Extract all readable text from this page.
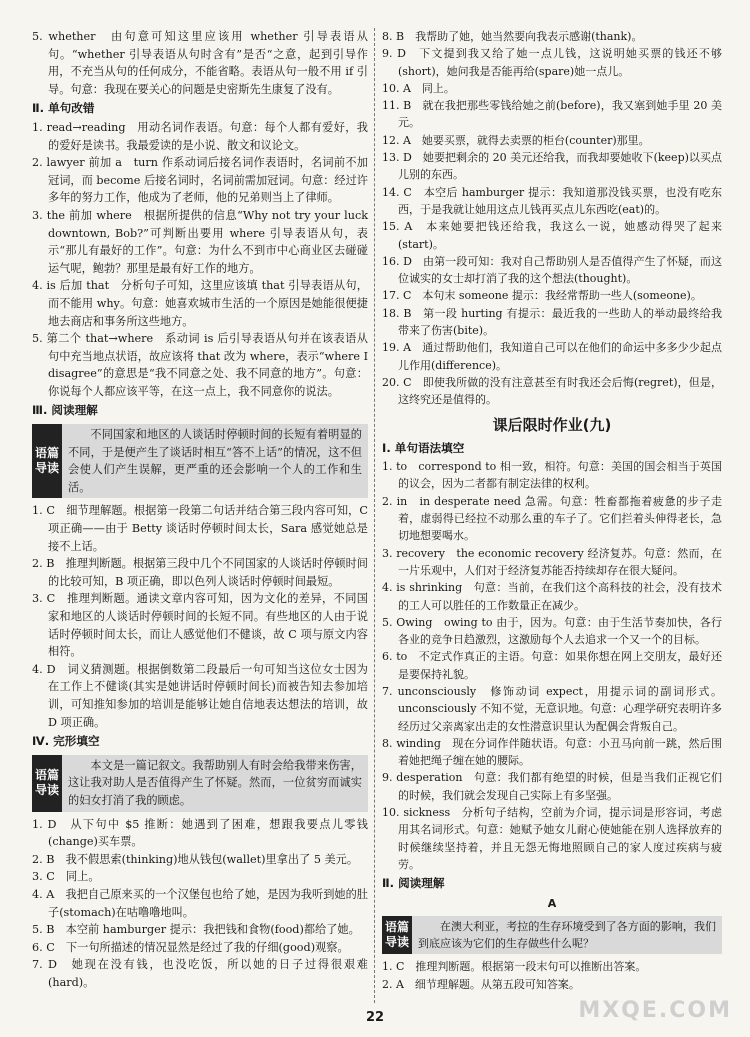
5. whether　由句意可知这里应该用 whether 引导表语从句。“whether 引导表语从句时含有”是否“之意，起到引导作用，不充当从句的任何成分，不能省略。表语从句一般不用 if 引导。句意：我现在要关心的问题是史密斯先生康复了没有。

Ⅱ. 单句改错

1. read→reading　用动名词作表语。句意：每个人都有爱好，我的爱好是读书。我最爱读的是小说、散文和议论文。

2. lawyer 前加 a　turn 作系动词后接名词作表语时，名词前不加冠词，而 become 后接名词时，名词前需加冠词。句意：经过许多年的努力工作，他成为了老师，他的兄弟则当上了律师。

3. the 前加 where　根据所提供的信息“Why not try your luck downtown, Bob?”可判断出要用 where 引导表语从句，表示“那儿有最好的工作”。句意：为什么不到市中心商业区去碰碰运气呢，鲍勃？那里是最有好工作的地方。

4. is 后加 that　分析句子可知，这里应该填 that 引导表语从句，而不能用 why。句意：她喜欢城市生活的一个原因是她能很便捷地去商店和事务所这些地方。

5. 第二个 that→where　系动词 is 后引导表语从句并在该表语从句中充当地点状语，故应该将 that 改为 where，表示“where I disagree”的意思是“我不同意之处、我不同意的地方”。句意：你说每个人都应该平等，在这一点上，我不同意你的说法。

Ⅲ. 阅读理解
语篇导读
不同国家和地区的人谈话时停顿时间的长短有着明显的不同，于是便产生了谈话时相互“答不上话”的情况，这不但会使人们产生误解，更严重的还会影响一个人的工作和生活。

1. C　细节理解题。根据第一段第二句话并结合第三段内容可知，C 项正确——由于 Betty 谈话时停顿时间太长，Sara 感觉她总是接不上话。

2. B　推理判断题。根据第三段中几个不同国家的人谈话时停顿时间的比较可知，B 项正确，即以色列人谈话时停顿时间最短。

3. C　推理判断题。通读文章内容可知，因为文化的差异，不同国家和地区的人谈话时停顿时间的长短不同。有些地区的人由于说话时停顿时间太长，而让人感觉他们不健谈，故 C 项与原文内容相符。

4. D　词义猜测题。根据倒数第二段最后一句可知当这位女士因为在工作上不健谈(其实是她讲话时停顿时间长)而被告知去参加培训，可知推知参加的培训是能够让她自信地表达想法的培训，故 D 项正确。

Ⅳ. 完形填空
语篇导读
本文是一篇记叙文。我帮助别人有时会给我带来伤害，这让我对助人是否值得产生了怀疑。然而，一位贫穷而诚实的妇女打消了我的顾虑。

1. D　从下句中 $5 推断：她遇到了困难，想跟我要点儿零钱(change)买车票。

2. B　我不假思索(thinking)地从钱包(wallet)里拿出了 5 美元。

3. C　同上。

4. A　我把自己原来买的一个汉堡包也给了她，是因为我听到她的肚子(stomach)在咕噜噜地叫。

5. B　本空前 hamburger 提示：我把钱和食物(food)都给了她。

6. C　下一句所描述的情况显然是经过了我的仔细(good)观察。

7. D　她现在没有钱，也没吃饭，所以她的日子过得很艰难(hard)。

8. B　我帮助了她，她当然要向我表示感谢(thank)。

9. D　下文提到我又给了她一点儿钱，这说明她买票的钱还不够(short)，她问我是否能再给(spare)她一点儿。

10. A　同上。

11. B　就在我把那些零钱给她之前(before)，我又塞到她手里 20 美元。

12. A　她要买票，就得去卖票的柜台(counter)那里。

13. D　她要把剩余的 20 美元还给我，而我却要她收下(keep)以买点儿别的东西。

14. C　本空后 hamburger 提示：我知道那没钱买票，也没有吃东西，于是我就让她用这点儿钱再买点儿东西吃(eat)的。

15. A　本来她要把钱还给我，我这么一说，她感动得哭了起来(start)。

16. D　由第一段可知：我对自己帮助别人是否值得产生了怀疑，而这位诚实的女士却打消了我的这个想法(thought)。

17. C　本句末 someone 提示：我经常帮助一些人(someone)。

18. B　第一段 hurting 有提示：最近我的一些助人的举动最终给我带来了伤害(bite)。

19. A　通过帮助他们，我知道自己可以在他们的命运中多多少少起点儿作用(difference)。

20. C　即使我所做的没有注意甚至有时我还会后悔(regret)，但是，这终究还是值得的。

课后限时作业(九)
Ⅰ. 单句语法填空

1. to　correspond to 相一致，相符。句意：美国的国会相当于英国的议会，因为二者都有制定法律的权利。

2. in　in desperate need 急需。句意：牲畜都拖着疲惫的步子走着，虚弱得已经拉不动那么重的车子了。它们拦着头伸得老长，急切地想要喝水。

3. recovery　the economic recovery 经济复苏。句意：然而，在一片乐观中，人们对于经济复苏能否持续却存在很大疑问。

4. is shrinking　句意：当前，在我们这个高科技的社会，没有技术的工人可以胜任的工作数量正在减少。

5. Owing　owing to 由于，因为。句意：由于生活节奏加快，各行各业的竞争日趋激烈，这激励每个人去追求一个又一个的目标。

6. to　不定式作真正的主语。句意：如果你想在网上交朋友，最好还是要保持礼貌。

7. unconsciously　修饰动词 expect，用提示词的副词形式。unconsciously 不知不觉，无意识地。句意：心理学研究表明许多经历过父亲离家出走的女性潜意识里认为配偶会背叛自己。

8. winding　现在分词作伴随状语。句意：小丑马向前一跳，然后围着她把绳子缠在她的腰际。

9. desperation　句意：我们都有绝望的时候，但是当我们正视它们的时候，我们就会发现自己实际上有多坚强。

10. sickness　分析句子结构，空前为介词，提示词是形容词，考虑用其名词形式。句意：她赋予她女儿耐心使她能在别人选择放弃的时候继续坚持着，并且无怨无悔地照顾自己的家人度过疾病与疲劳。

Ⅱ. 阅读理解
A
语篇导读
在澳大利亚，考拉的生存环境受到了各方面的影响，我们到底应该为它们的生存做些什么呢？

1. C　推理判断题。根据第一段末句可以推断出答案。

2. A　细节理解题。从第五段可知答案。

22	MXQE.COM
